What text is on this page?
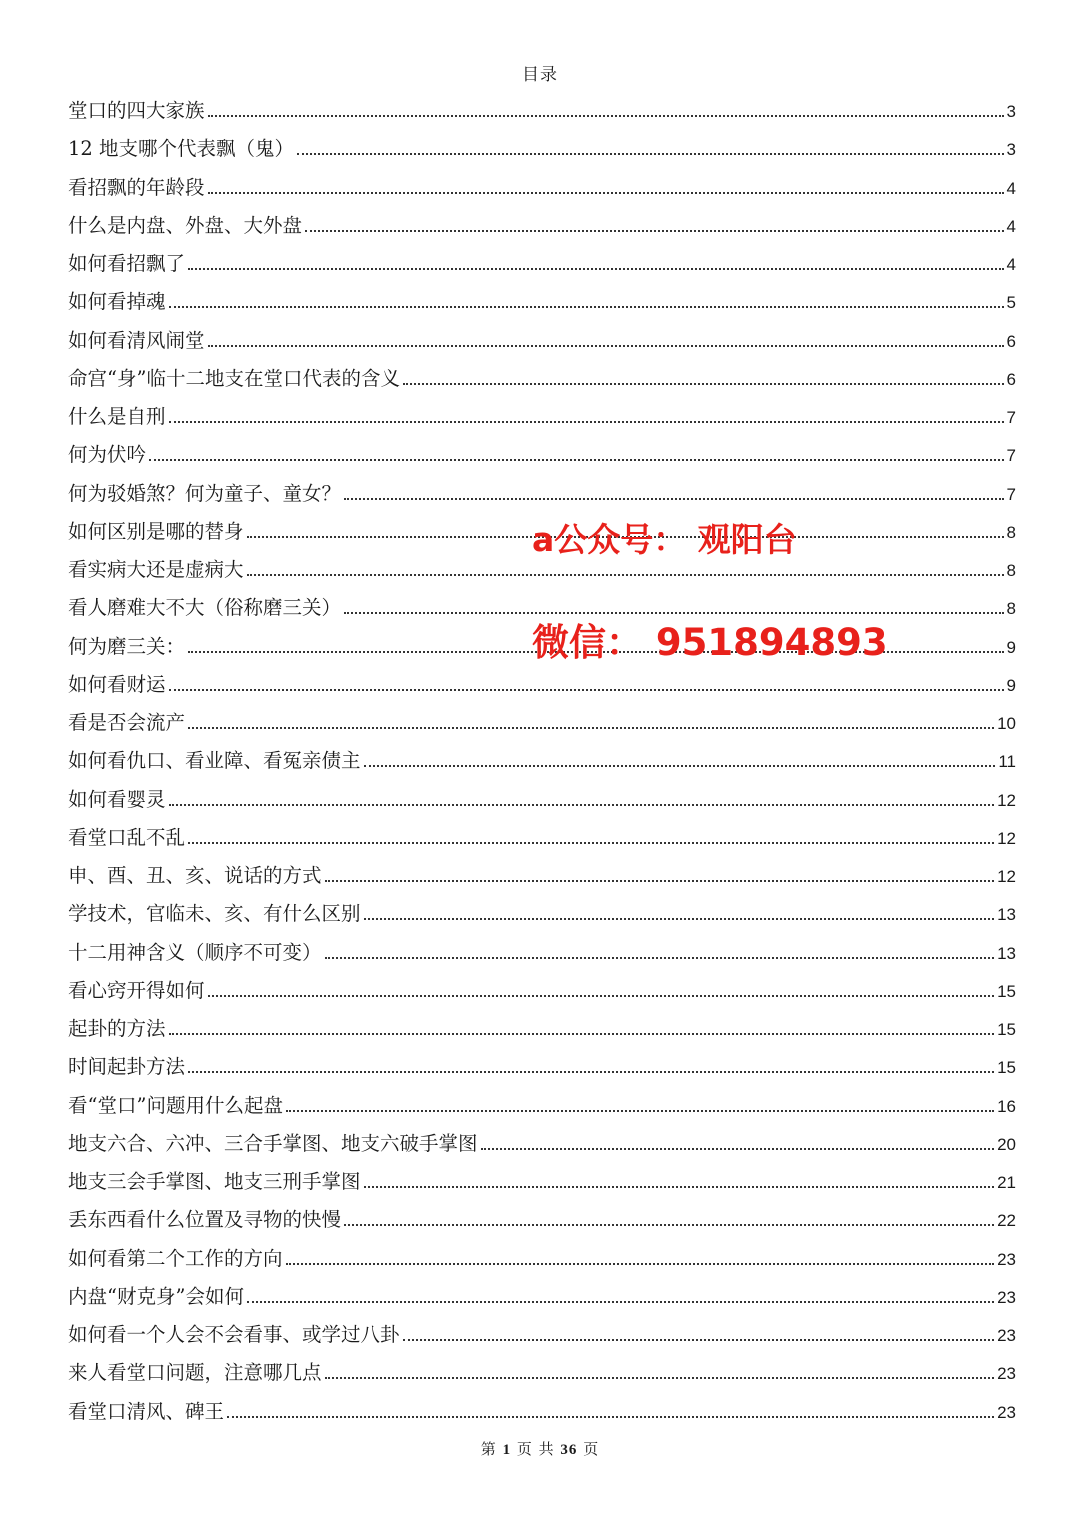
目录
堂口的四大家族	3
12 地支哪个代表飘（鬼）	3
看招飘的年龄段	4
什么是内盘、外盘、大外盘	4
如何看招飘了	4
如何看掉魂	5
如何看清风闹堂	6
命宫“身”临十二地支在堂口代表的含义	6
什么是自刑	7
何为伏吟	7
何为驳婚煞？何为童子、童女？	7
如何区别是哪的替身	8
看实病大还是虚病大	8
看人磨难大不大（俗称磨三关）	8
何为磨三关：	9
如何看财运	9
看是否会流产	10
如何看仇口、看业障、看冤亲债主	11
如何看婴灵	12
看堂口乱不乱	12
申、酉、丑、亥、说话的方式	12
学技术，官临未、亥、有什么区别	13
十二用神含义（顺序不可变）	13
看心窍开得如何	15
起卦的方法	15
时间起卦方法	15
看“堂口”问题用什么起盘	16
地支六合、六冲、三合手掌图、地支六破手掌图	20
地支三会手掌图、地支三刑手掌图	21
丢东西看什么位置及寻物的快慢	22
如何看第二个工作的方向	23
内盘“财克身”会如何	23
如何看一个人会不会看事、或学过八卦	23
来人看堂口问题，注意哪几点	23
看堂口清风、碑王	23
a公众号： 观阳台
微信： 951894893
第 1 页 共 36 页
